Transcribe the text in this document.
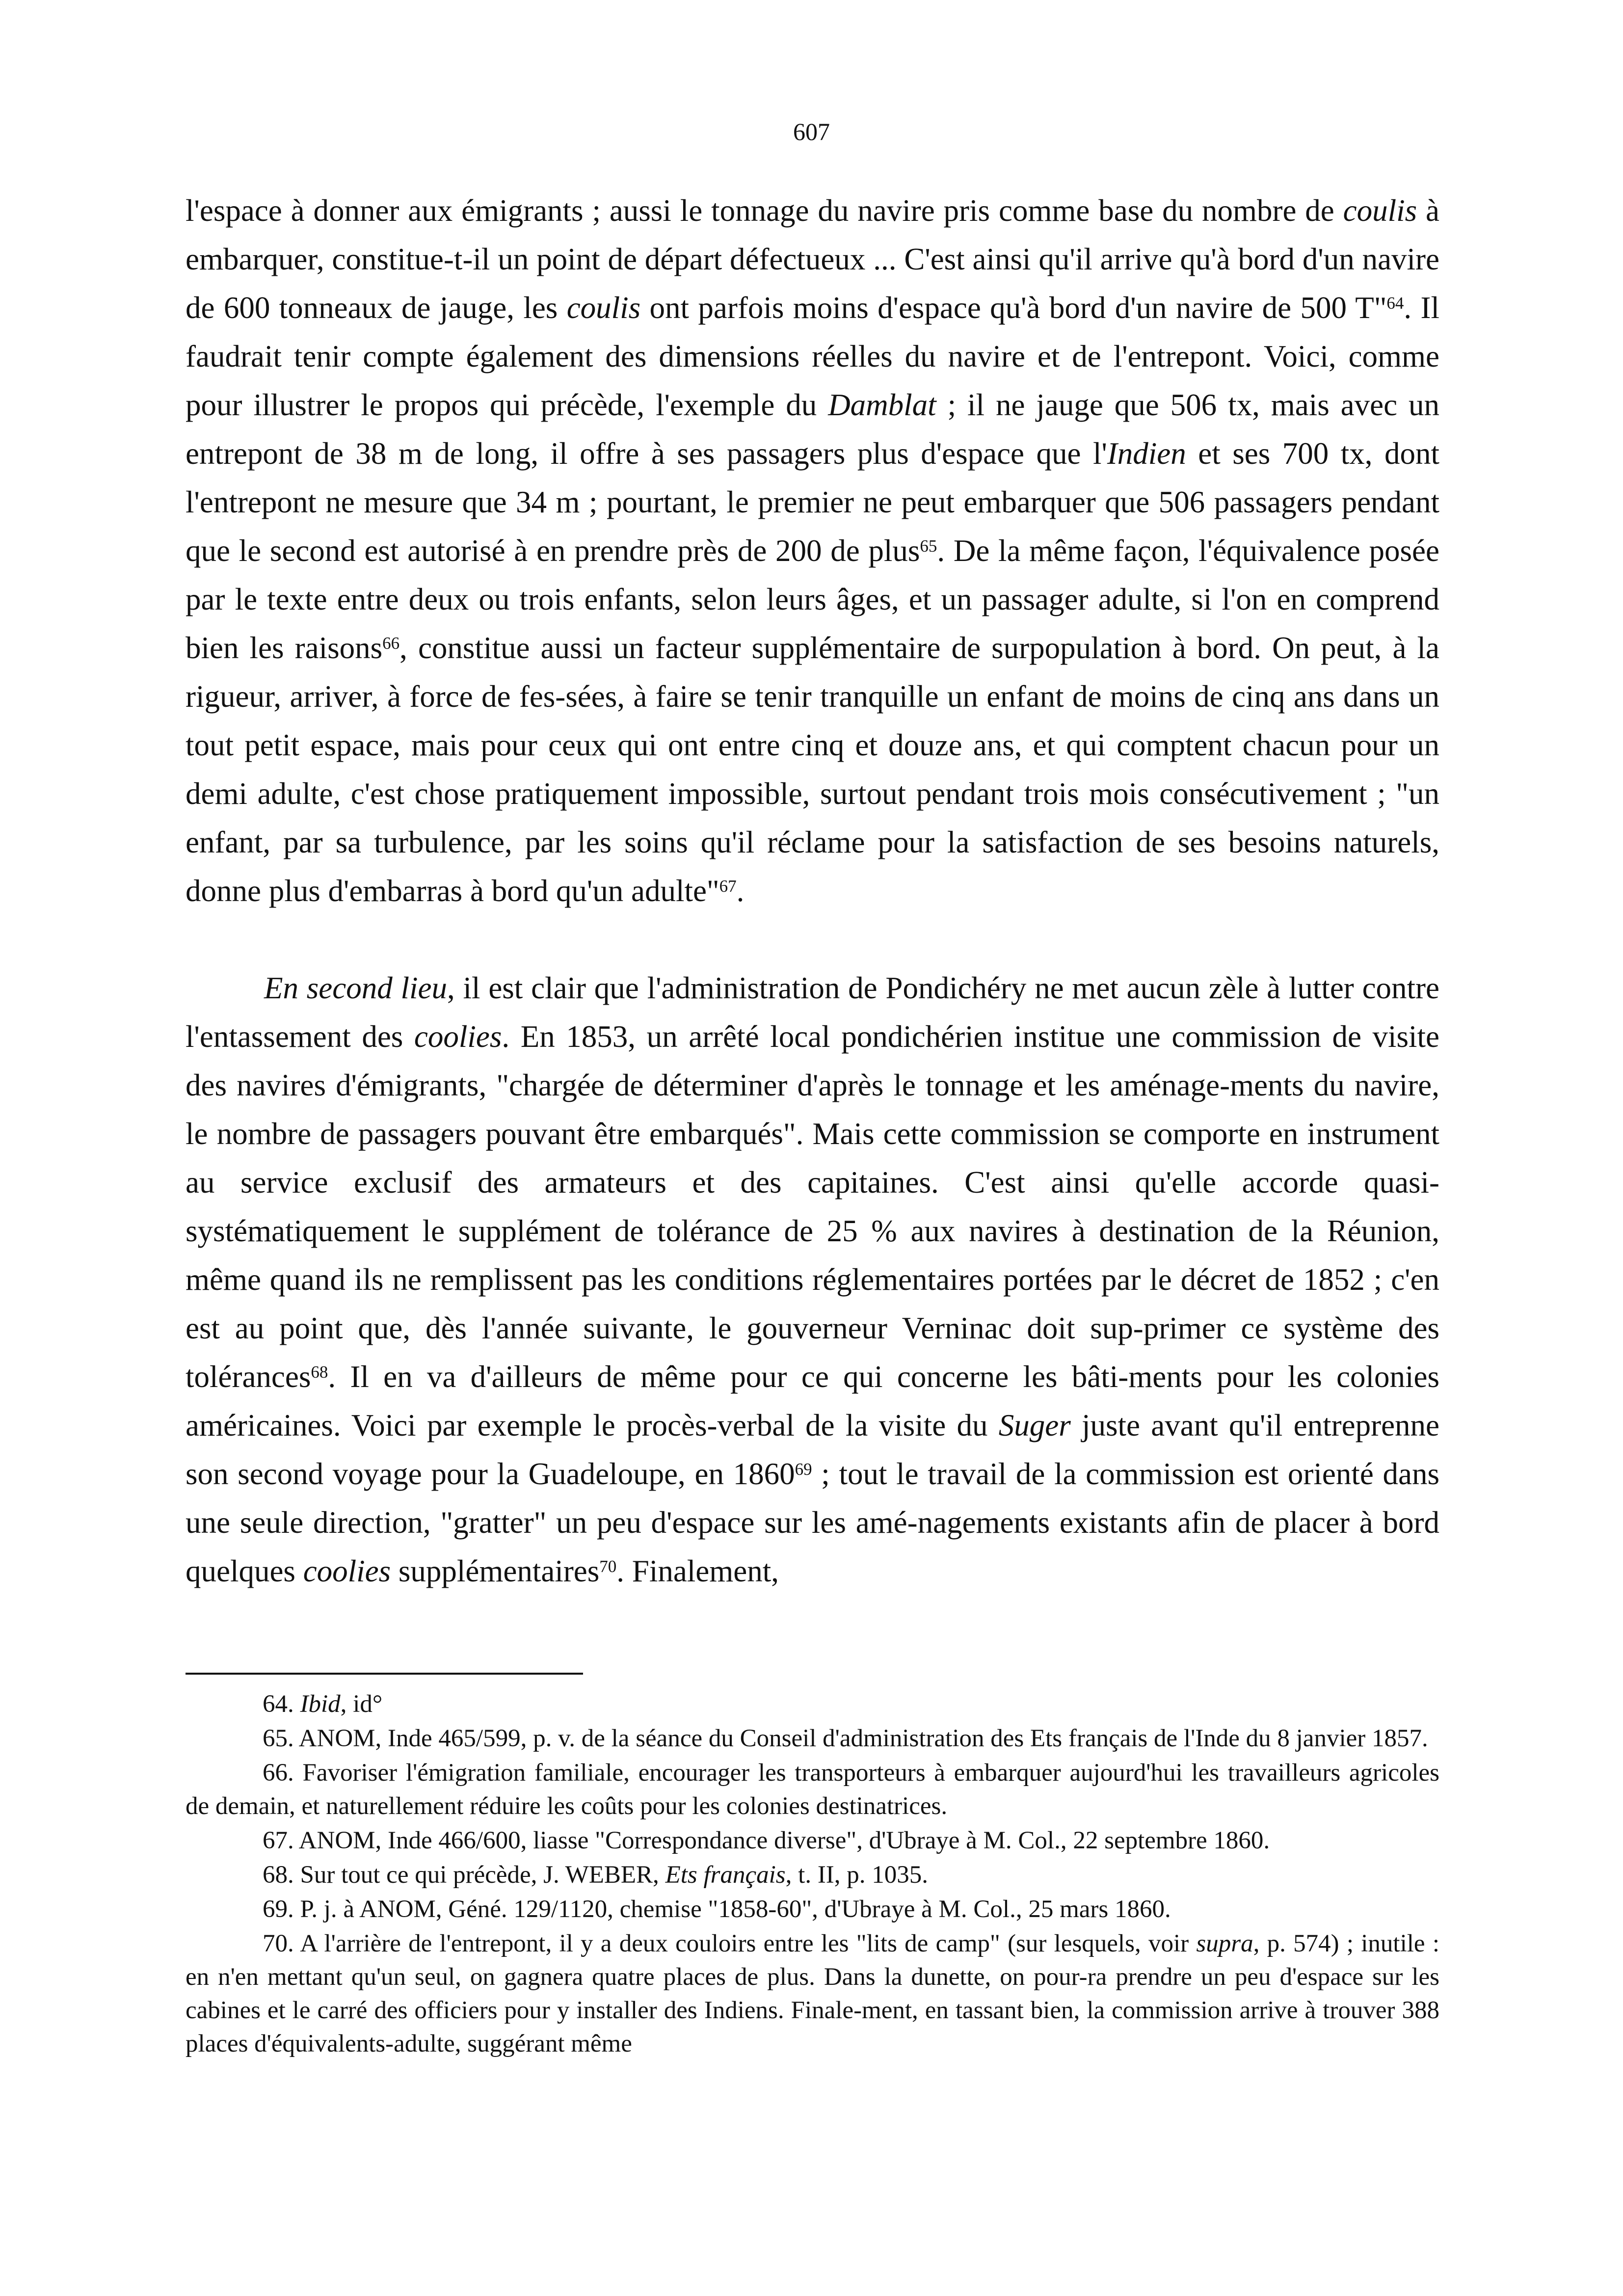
607

l'espace à donner aux émigrants ; aussi le tonnage du navire pris comme base du nombre de coulis à embarquer, constitue-t-il un point de départ défectueux ... C'est ainsi qu'il arrive qu'à bord d'un navire de 600 tonneaux de jauge, les coulis ont parfois moins d'espace qu'à bord d'un navire de 500 T"$^{64}$. Il faudrait tenir compte également des dimensions réelles du navire et de l'entrepont. Voici, comme pour illustrer le propos qui précède, l'exemple du Damblat ; il ne jauge que 506 tx, mais avec un entrepont de 38 m de long, il offre à ses passagers plus d'espace que l'Indien et ses 700 tx, dont l'entrepont ne mesure que 34 m ; pourtant, le premier ne peut embarquer que 506 passagers pendant que le second est autorisé à en prendre près de 200 de plus$^{65}$. De la même façon, l'équivalence posée par le texte entre deux ou trois enfants, selon leurs âges, et un passager adulte, si l'on en comprend bien les raisons$^{66}$, constitue aussi un facteur supplémentaire de surpopulation à bord. On peut, à la rigueur, arriver, à force de fes-sées, à faire se tenir tranquille un enfant de moins de cinq ans dans un tout petit espace, mais pour ceux qui ont entre cinq et douze ans, et qui comptent chacun pour un demi adulte, c'est chose pratiquement impossible, surtout pendant trois mois consécutivement ; "un enfant, par sa turbulence, par les soins qu'il réclame pour la satisfaction de ses besoins naturels, donne plus d'embarras à bord qu'un adulte"$^{67}$.

En second lieu, il est clair que l'administration de Pondichéry ne met aucun zèle à lutter contre l'entassement des coolies. En 1853, un arrêté local pondichérien institue une commission de visite des navires d'émigrants, "chargée de déterminer d'après le tonnage et les aménage-ments du navire, le nombre de passagers pouvant être embarqués". Mais cette commission se comporte en instrument au service exclusif des armateurs et des capitaines. C'est ainsi qu'elle accorde quasi-systématiquement le supplément de tolérance de 25 % aux navires à destination de la Réunion, même quand ils ne remplissent pas les conditions réglementaires portées par le décret de 1852 ; c'en est au point que, dès l'année suivante, le gouverneur Verninac doit sup-primer ce système des tolérances$^{68}$. Il en va d'ailleurs de même pour ce qui concerne les bâti-ments pour les colonies américaines. Voici par exemple le procès-verbal de la visite du Suger juste avant qu'il entreprenne son second voyage pour la Guadeloupe, en 1860$^{69}$ ; tout le travail de la commission est orienté dans une seule direction, "gratter" un peu d'espace sur les amé-nagements existants afin de placer à bord quelques coolies supplémentaires$^{70}$. Finalement,

64. Ibid, id°

65. ANOM, Inde 465/599, p. v. de la séance du Conseil d'administration des Ets français de l'Inde du 8 janvier 1857.

66. Favoriser l'émigration familiale, encourager les transporteurs à embarquer aujourd'hui les travailleurs agricoles de demain, et naturellement réduire les coûts pour les colonies destinatrices.

67. ANOM, Inde 466/600, liasse "Correspondance diverse", d'Ubraye à M. Col., 22 septembre 1860.

68. Sur tout ce qui précède, J. WEBER, Ets français, t. II, p. 1035.

69. P. j. à ANOM, Géné. 129/1120, chemise "1858-60", d'Ubraye à M. Col., 25 mars 1860.

70. A l'arrière de l'entrepont, il y a deux couloirs entre les "lits de camp" (sur lesquels, voir supra, p. 574) ; inutile : en n'en mettant qu'un seul, on gagnera quatre places de plus. Dans la dunette, on pour-ra prendre un peu d'espace sur les cabines et le carré des officiers pour y installer des Indiens. Finale-ment, en tassant bien, la commission arrive à trouver 388 places d'équivalents-adulte, suggérant même
